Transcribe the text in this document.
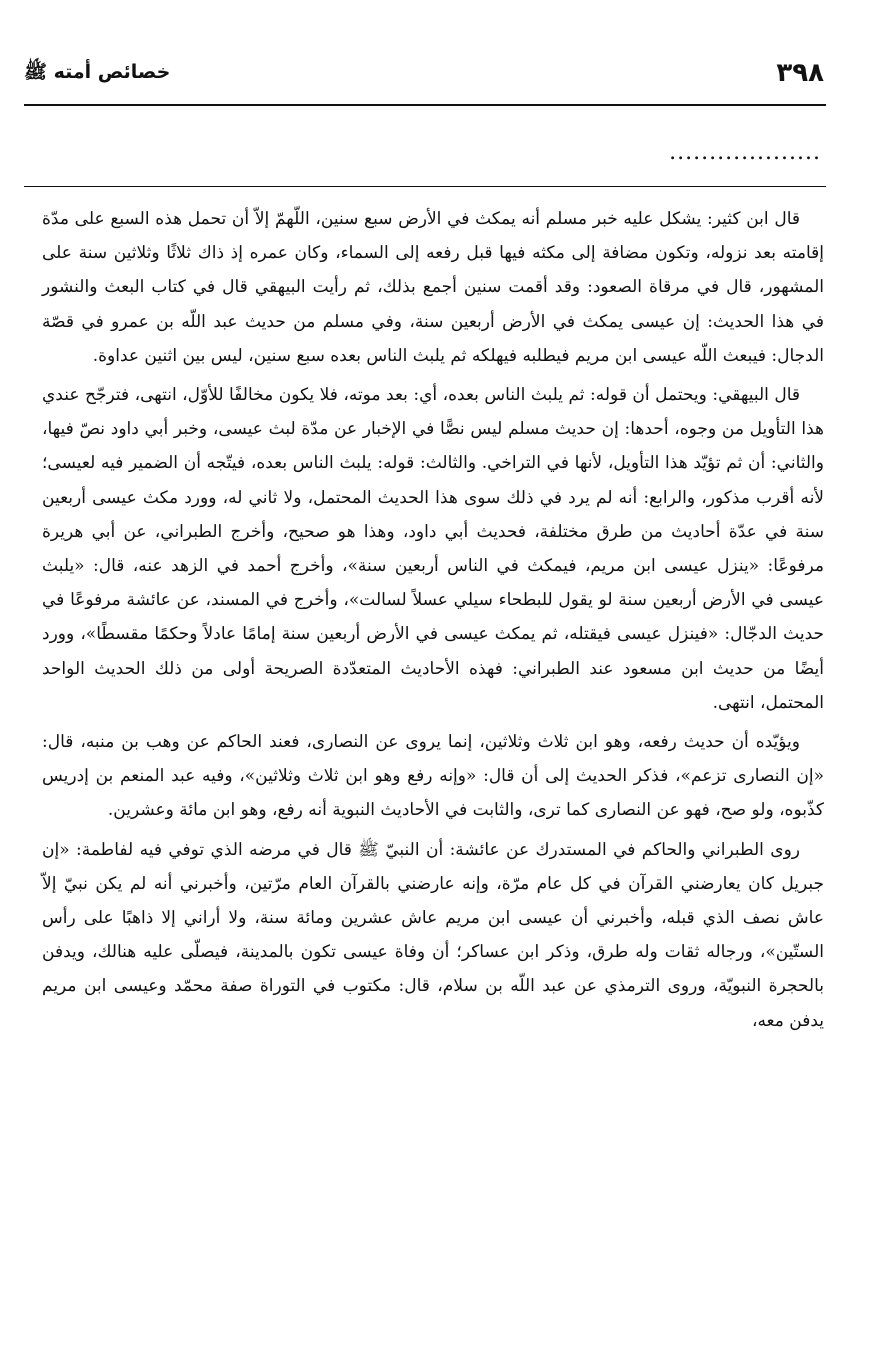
٣٩٨
خصائص أمته ﷺ
...................

قال ابن كثير: يشكل عليه خبر مسلم أنه يمكث في الأرض سبع سنين، اللّهمّ إلاّ أن تحمل هذه السبع على مدّة إقامته بعد نزوله، وتكون مضافة إلى مكثه فيها قبل رفعه إلى السماء، وكان عمره إذ ذاك ثلاثًا وثلاثين سنة على المشهور، قال في مرقاة الصعود: وقد أقمت سنين أجمع بذلك، ثم رأيت البيهقي قال في كتاب البعث والنشور في هذا الحديث: إن عيسى يمكث في الأرض أربعين سنة، وفي مسلم من حديث عبد اللّه بن عمرو في قصّة الدجال: فيبعث اللّه عيسى ابن مريم فيطلبه فيهلكه ثم يلبث الناس بعده سبع سنين، ليس بين اثنين عداوة.

قال البيهقي: ويحتمل أن قوله: ثم يلبث الناس بعده، أي: بعد موته، فلا يكون مخالفًا للأوّل، انتهى، فترجّح عندي هذا التأويل من وجوه، أحدها: إن حديث مسلم ليس نصًّا في الإخبار عن مدّة لبث عيسى، وخبر أبي داود نصّ فيها، والثاني: أن ثم تؤيّد هذا التأويل، لأنها في التراخي. والثالث: قوله: يلبث الناس بعده، فيتّجه أن الضمير فيه لعيسى؛ لأنه أقرب مذكور، والرابع: أنه لم يرد في ذلك سوى هذا الحديث المحتمل، ولا ثاني له، وورد مكث عيسى أربعين سنة في عدّة أحاديث من طرق مختلفة، فحديث أبي داود، وهذا هو صحيح، وأخرج الطبراني، عن أبي هريرة مرفوعًا: «ينزل عيسى ابن مريم، فيمكث في الناس أربعين سنة»، وأخرج أحمد في الزهد عنه، قال: «يلبث عيسى في الأرض أربعين سنة لو يقول للبطحاء سيلي عسلاً لسالت»، وأخرج في المسند، عن عائشة مرفوعًا في حديث الدجّال: «فينزل عيسى فيقتله، ثم يمكث عيسى في الأرض أربعين سنة إمامًا عادلاً وحكمًا مقسطًا»، وورد أيضًا من حديث ابن مسعود عند الطبراني: فهذه الأحاديث المتعدّدة الصريحة أولى من ذلك الحديث الواحد المحتمل، انتهى.

ويؤيّده أن حديث رفعه، وهو ابن ثلاث وثلاثين، إنما يروى عن النصارى، فعند الحاكم عن وهب بن منبه، قال: «إن النصارى تزعم»، فذكر الحديث إلى أن قال: «وإنه رفع وهو ابن ثلاث وثلاثين»، وفيه عبد المنعم بن إدريس كذّبوه، ولو صح، فهو عن النصارى كما ترى، والثابت في الأحاديث النبوية أنه رفع، وهو ابن مائة وعشرين.

روى الطبراني والحاكم في المستدرك عن عائشة: أن النبيّ ﷺ قال في مرضه الذي توفي فيه لفاطمة: «إن جبريل كان يعارضني القرآن في كل عام مرّة، وإنه عارضني بالقرآن العام مرّتين، وأخبرني أنه لم يكن نبيّ إلاّ عاش نصف الذي قبله، وأخبرني أن عيسى ابن مريم عاش عشرين ومائة سنة، ولا أراني إلا ذاهبًا على رأس الستّين»، ورجاله ثقات وله طرق، وذكر ابن عساكر؛ أن وفاة عيسى تكون بالمدينة، فيصلّى عليه هنالك، ويدفن بالحجرة النبويّة، وروى الترمذي عن عبد اللّه بن سلام، قال: مكتوب في التوراة صفة محمّد وعيسى ابن مريم يدفن معه،
